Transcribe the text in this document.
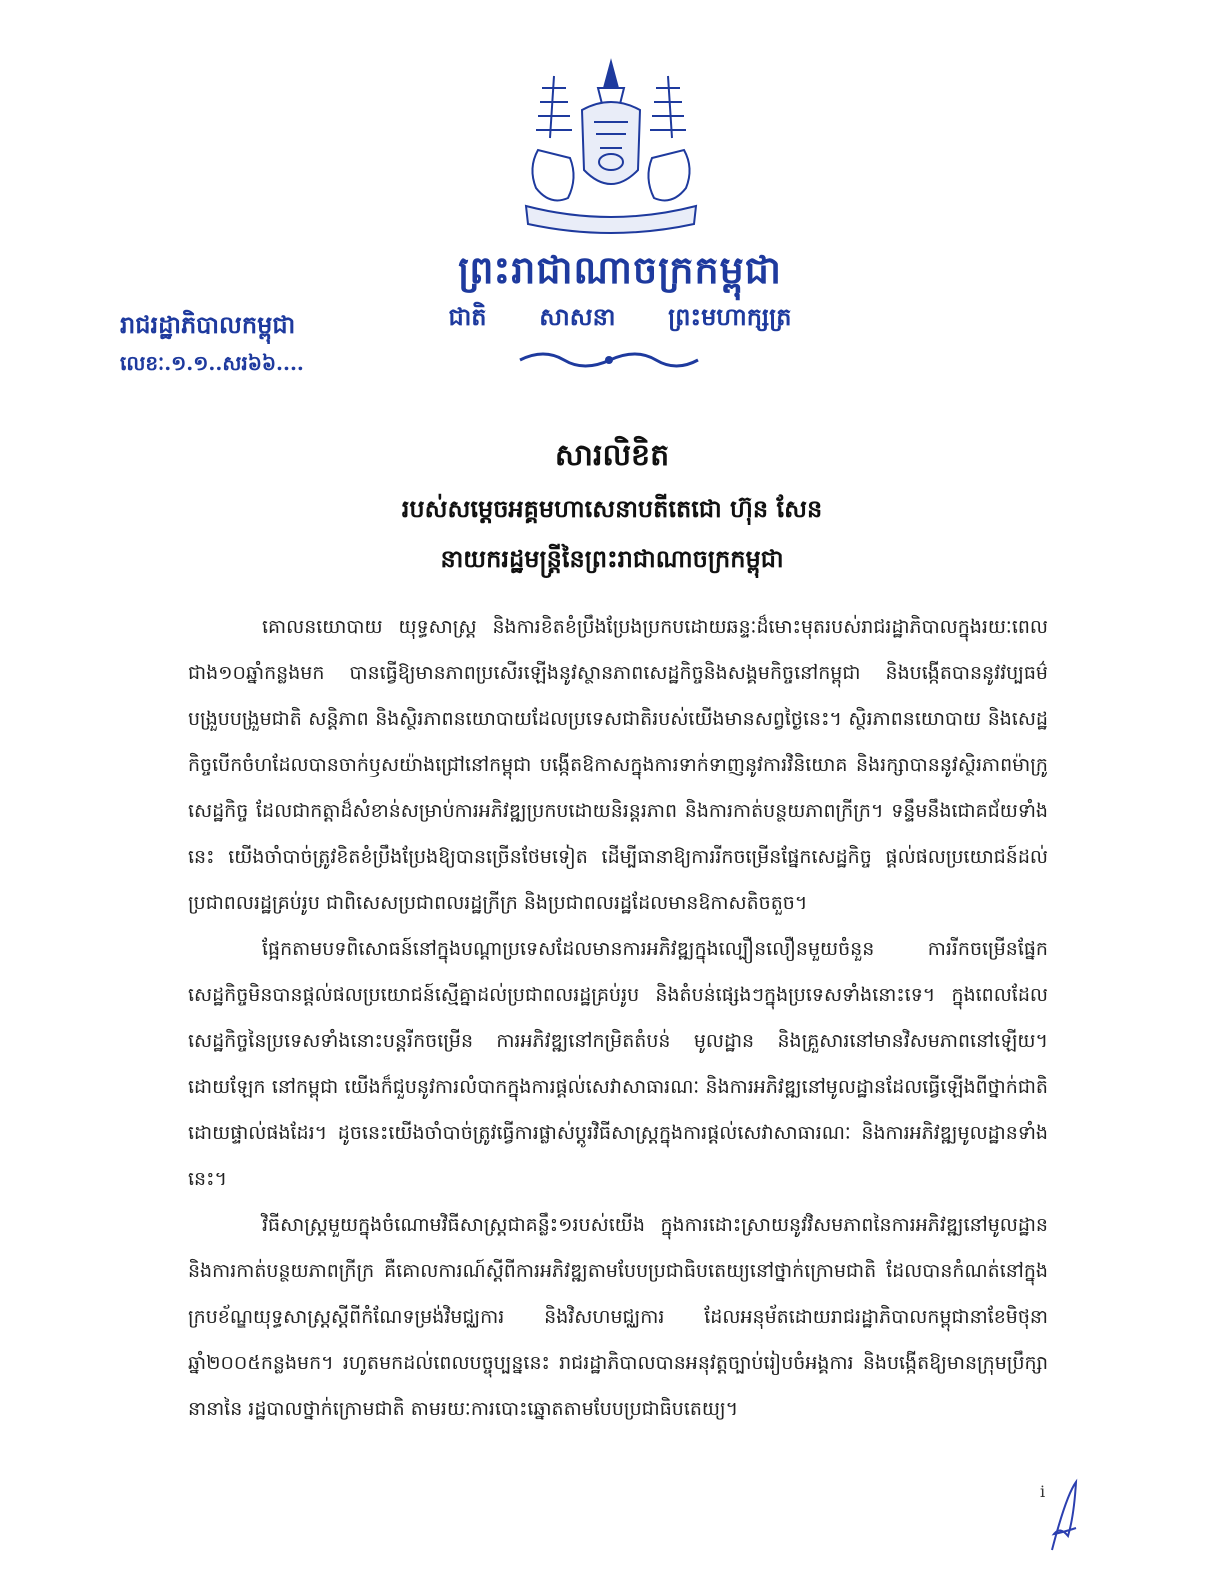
ព្រះរាជាណាចក្រកម្ពុជា
ជាតិ  សាសនា  ព្រះមហាក្សត្រ
រាជរដ្ឋាភិបាលកម្ពុជា
លេខៈ.១.១..សរ៦៦....
សារលិខិត
របស់សម្តេចអគ្គមហាសេនាបតីតេជោ ហ៊ុន សែន
នាយករដ្ឋមន្ត្រីនៃព្រះរាជាណាចក្រកម្ពុជា

គោលនយោបាយ យុទ្ធសាស្ត្រ និងការខិតខំប្រឹងប្រែងប្រកបដោយឆន្ទៈដ៏មោះមុតរបស់រាជរដ្ឋាភិបាលក្នុងរយៈពេលជាង១០ឆ្នាំកន្លងមក បានធ្វើឱ្យមានភាពប្រសើរឡើងនូវស្ថានភាពសេដ្ឋកិច្ចនិងសង្គមកិច្ចនៅកម្ពុជា និងបង្កើតបាននូវវប្បធម៌បង្រួបបង្រួមជាតិ សន្តិភាព និងស្ថិរភាពនយោបាយដែលប្រទេសជាតិរបស់យើងមានសព្វថ្ងៃនេះ។ ស្ថិរភាពនយោបាយ និងសេដ្ឋកិច្ចបើកចំហដែលបានចាក់ឫសយ៉ាងជ្រៅនៅកម្ពុជា បង្កើតឱកាសក្នុងការទាក់ទាញនូវការវិនិយោគ និងរក្សាបាននូវស្ថិរភាពម៉ាក្រូសេដ្ឋកិច្ច ដែលជាកត្តាដ៏សំខាន់សម្រាប់ការអភិវឌ្ឍប្រកបដោយនិរន្តរភាព និងការកាត់បន្ថយភាពក្រីក្រ។ ទន្ទឹមនឹងជោគជ័យទាំងនេះ យើងចាំបាច់ត្រូវខិតខំប្រឹងប្រែងឱ្យបានច្រើនថែមទៀត ដើម្បីធានាឱ្យការរីកចម្រើនផ្នែកសេដ្ឋកិច្ច ផ្តល់ផលប្រយោជន៍ដល់ប្រជាពលរដ្ឋគ្រប់រូប ជាពិសេសប្រជាពលរដ្ឋក្រីក្រ និងប្រជាពលរដ្ឋដែលមានឱកាសតិចតួច។

ផ្អែកតាមបទពិសោធន៍នៅក្នុងបណ្តាប្រទេសដែលមានការអភិវឌ្ឍក្នុងល្បឿនលឿនមួយចំនួន ការរីកចម្រើនផ្នែកសេដ្ឋកិច្ចមិនបានផ្តល់ផលប្រយោជន៍ស្មើគ្នាដល់ប្រជាពលរដ្ឋគ្រប់រូប និងតំបន់ផ្សេងៗក្នុងប្រទេសទាំងនោះទេ។ ក្នុងពេលដែលសេដ្ឋកិច្ចនៃប្រទេសទាំងនោះបន្តរីកចម្រើន ការអភិវឌ្ឍនៅកម្រិតតំបន់ មូលដ្ឋាន និងគ្រួសារនៅមានវិសមភាពនៅឡើយ។ ដោយឡែក នៅកម្ពុជា យើងក៏ជួបនូវការលំបាកក្នុងការផ្តល់សេវាសាធារណៈ និងការអភិវឌ្ឍនៅមូលដ្ឋានដែលធ្វើឡើងពីថ្នាក់ជាតិដោយផ្ទាល់ផងដែរ។ ដូចនេះយើងចាំបាច់ត្រូវធ្វើការផ្លាស់ប្តូរវិធីសាស្ត្រក្នុងការផ្តល់សេវាសាធារណៈ និងការអភិវឌ្ឍមូលដ្ឋានទាំងនេះ។

វិធីសាស្ត្រមួយក្នុងចំណោមវិធីសាស្ត្រជាគន្លឹះ១របស់យើង ក្នុងការដោះស្រាយនូវវិសមភាពនៃការអភិវឌ្ឍនៅមូលដ្ឋាន និងការកាត់បន្ថយភាពក្រីក្រ គឺគោលការណ៍ស្តីពីការអភិវឌ្ឍតាមបែបប្រជាធិបតេយ្យនៅថ្នាក់ក្រោមជាតិ ដែលបានកំណត់នៅក្នុងក្របខ័ណ្ឌយុទ្ធសាស្ត្រស្តីពីកំណែទម្រង់វិមជ្ឈការ និងវិសហមជ្ឈការ ដែលអនុម័តដោយរាជរដ្ឋាភិបាលកម្ពុជានាខែមិថុនា ឆ្នាំ២០០៥កន្លងមក។ រហូតមកដល់ពេលបច្ចុប្បន្ននេះ រាជរដ្ឋាភិបាលបានអនុវត្តច្បាប់រៀបចំអង្គការ និងបង្កើតឱ្យមានក្រុមប្រឹក្សានានានៃ រដ្ឋបាលថ្នាក់ក្រោមជាតិ តាមរយៈការបោះឆ្នោតតាមបែបប្រជាធិបតេយ្យ។

i
